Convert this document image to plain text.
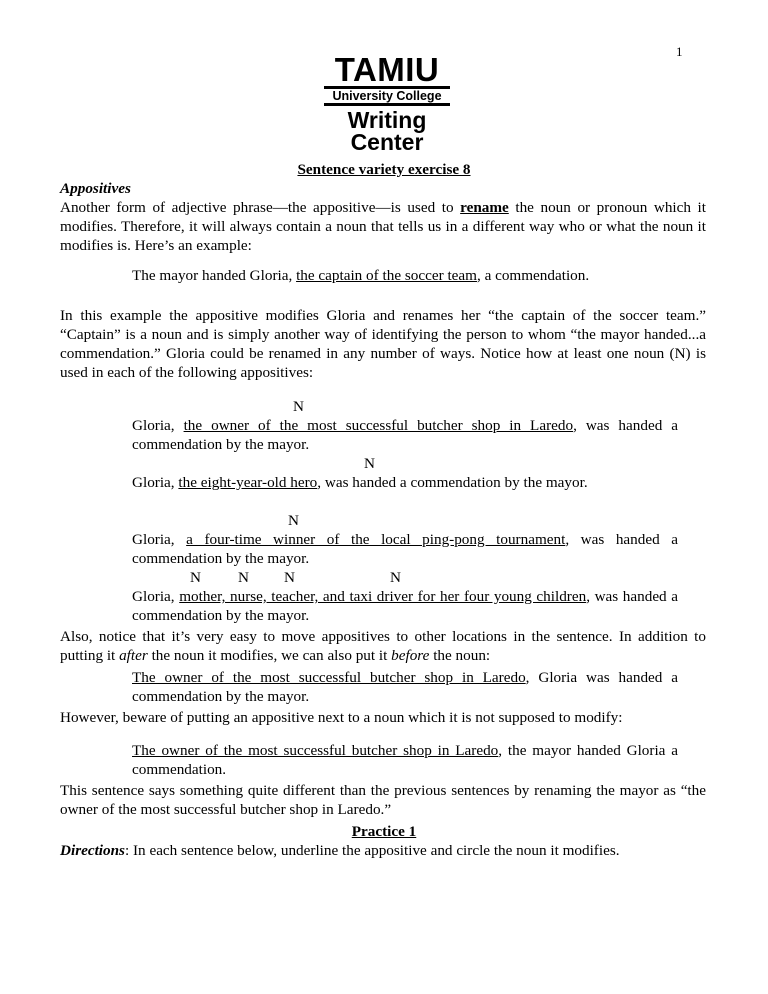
1
TAMIU
University College
Writing
Center
Sentence variety exercise 8
Appositives

Another form of adjective phrase—the appositive—is used to rename the noun or pronoun which it modifies. Therefore, it will always contain a noun that tells us in a different way who or what the noun it modifies is. Here’s an example:

The mayor handed Gloria, the captain of the soccer team, a commendation.

In this example the appositive modifies Gloria and renames her “the captain of the soccer team.” “Captain” is a noun and is simply another way of identifying the person to whom “the mayor handed...a commendation.” Gloria could be renamed in any number of ways. Notice how at least one noun (N) is used in each of the following appositives:

N

Gloria, the owner of the most successful butcher shop in Laredo, was handed a commendation by the mayor.

N

Gloria, the eight-year-old hero, was handed a commendation by the mayor.

N

Gloria, a four-time winner of the local ping-pong tournament, was handed a commendation by the mayor.

N N N	N

Gloria, mother, nurse, teacher, and taxi driver for her four young children, was handed a commendation by the mayor.

Also, notice that it’s very easy to move appositives to other locations in the sentence. In addition to putting it after the noun it modifies, we can also put it before the noun:

The owner of the most successful butcher shop in Laredo, Gloria was handed a commendation by the mayor.

However, beware of putting an appositive next to a noun which it is not supposed to modify:

The owner of the most successful butcher shop in Laredo, the mayor handed Gloria a commendation.

This sentence says something quite different than the previous sentences by renaming the mayor as “the owner of the most successful butcher shop in Laredo.”

Practice 1

Directions: In each sentence below, underline the appositive and circle the noun it modifies.
